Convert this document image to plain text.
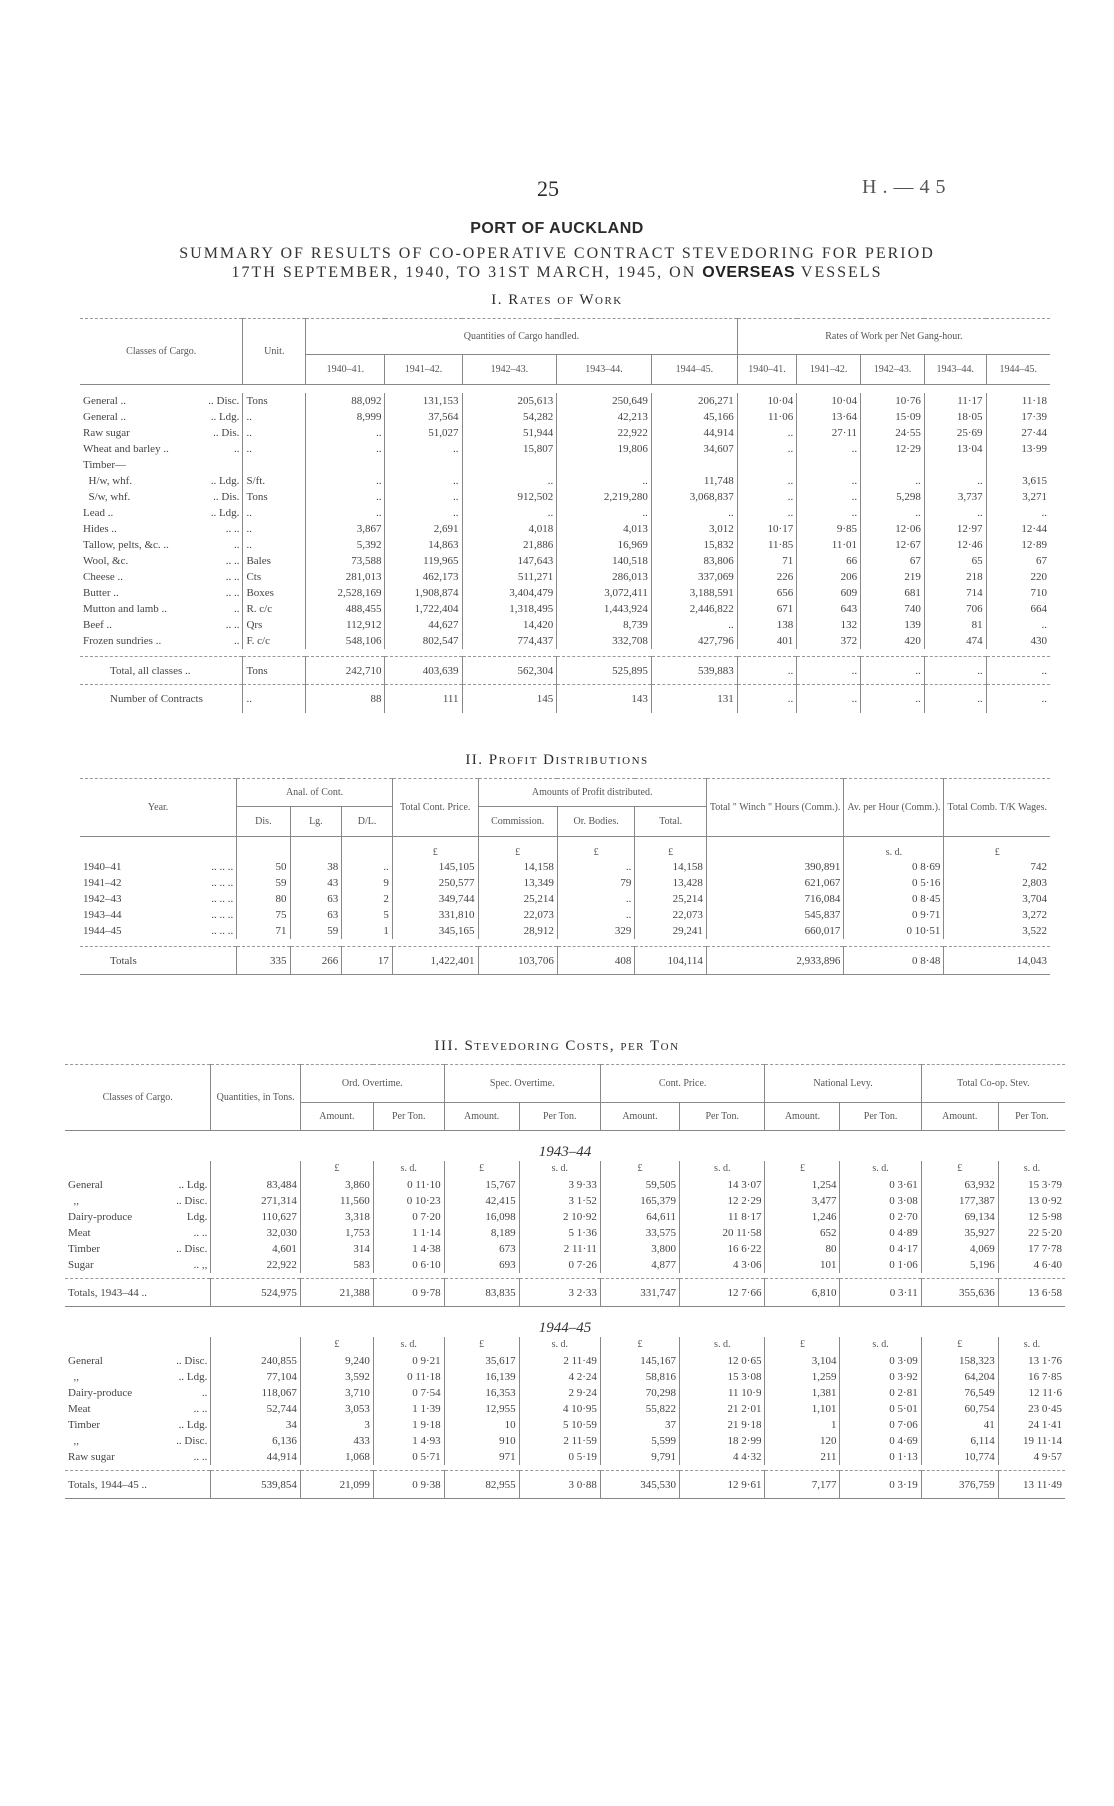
25	H.—45
PORT OF AUCKLAND
SUMMARY OF RESULTS OF CO-OPERATIVE CONTRACT STEVEDORING FOR PERIOD
17TH SEPTEMBER, 1940, TO 31ST MARCH, 1945, ON OVERSEAS VESSELS
I. Rates of Work
Classes of Cargo.	Unit.	Quantities of Cargo handled.					Rates of Work per Net Gang-hour.				
		1940–41.	1941–42.	1942–43.	1943–44.	1944–45.	1940–41.	1941–42.	1942–43.	1943–44.	1944–45.

General .. .. Disc.	Tons	88,092	131,153	205,613	250,649	206,271	10·04	10·04	10·76	11·17	11·18
General .. .. Ldg.	..	8,999	37,564	54,282	42,213	45,166	11·06	13·64	15·09	18·05	17·39
Raw sugar .. Dis.	..	..	51,027	51,944	22,922	44,914	..	27·11	24·55	25·69	27·44
Wheat and barley .. ..	..	..	..	15,807	19,806	34,607	..	..	12·29	13·04	13·99
Timber—

H/w, whf. .. Ldg.	S/ft.	..	..	..	..	11,748	..	..	..	..	3,615
S/w, whf. .. Dis.	Tons	..	..	912,502	2,219,280	3,068,837	..	..	5,298	3,737	3,271
Lead .. .. Ldg.	..	..	..	..	..	..	..	..	..	..	..
Hides .. .. ..	..	3,867	2,691	4,018	4,013	3,012	10·17	9·85	12·06	12·97	12·44
Tallow, pelts, &c. .. ..	..	5,392	14,863	21,886	16,969	15,832	11·85	11·01	12·67	12·46	12·89
Wool, &c. .. ..	Bales	73,588	119,965	147,643	140,518	83,806	71	66	67	65	67
Cheese .. .. ..	Cts	281,013	462,173	511,271	286,013	337,069	226	206	219	218	220
Butter .. .. ..	Boxes	2,528,169	1,908,874	3,404,479	3,072,411	3,188,591	656	609	681	714	710
Mutton and lamb .. ..	R. c/c	488,455	1,722,404	1,318,495	1,443,924	2,446,822	671	643	740	706	664
Beef .. .. ..	Qrs	112,912	44,627	14,420	8,739	..	138	132	139	81	..
Frozen sundries .. ..	F. c/c	548,106	802,547	774,437	332,708	427,796	401	372	420	474	430

Total, all classes ..	Tons	242,710	403,639	562,304	525,895	539,883	..	..	..	..	..
Number of Contracts	..	88	111	145	143	131	..	..	..	..	..
II. Profit Distributions
Year.	Anal. of Cont.			Total Cont. Price.	Amounts of Profit distributed.			Total " Winch " Hours (Comm.).	Av. per Hour (Comm.).	Total Comb. T/K Wages.
	Dis.	Lg.	D/L.		Commission.	Or. Bodies.	Total.			
				£	£	£	£		s. d.	£
1940–41 .. .. ..	50	38	..	145,105	14,158	..	14,158	390,891	0 8·69	742
1941–42 .. .. ..	59	43	9	250,577	13,349	79	13,428	621,067	0 5·16	2,803
1942–43 .. .. ..	80	63	2	349,744	25,214	..	25,214	716,084	0 8·45	3,704
1943–44 .. .. ..	75	63	5	331,810	22,073	..	22,073	545,837	0 9·71	3,272
1944–45 .. .. ..	71	59	1	345,165	28,912	329	29,241	660,017	0 10·51	3,522

Totals	335	266	17	1,422,401	103,706	408	104,114	2,933,896	0 8·48	14,043
III. Stevedoring Costs, per Ton
Classes of Cargo.	Quantities, in Tons.	Ord. Overtime.		Spec. Overtime.		Cont. Price.		National Levy.		Total Co-op. Stev.	
		Amount.	Per Ton.	Amount.	Per Ton.	Amount.	Per Ton.	Amount.	Per Ton.	Amount.	Per Ton.
1943–44											
		£	s. d.	£	s. d.	£	s. d.	£	s. d.	£	s. d.
General .. Ldg.	83,484	3,860	0 11·10	15,767	3 9·33	59,505	14 3·07	1,254	0 3·61	63,932	15 3·79
,, .. Disc.	271,314	11,560	0 10·23	42,415	3 1·52	165,379	12 2·29	3,477	0 3·08	177,387	13 0·92
Dairy-produce Ldg.	110,627	3,318	0 7·20	16,098	2 10·92	64,611	11 8·17	1,246	0 2·70	69,134	12 5·98
Meat .. ..	32,030	1,753	1 1·14	8,189	5 1·36	33,575	20 11·58	652	0 4·89	35,927	22 5·20
Timber .. Disc.	4,601	314	1 4·38	673	2 11·11	3,800	16 6·22	80	0 4·17	4,069	17 7·78
Sugar .. ,,	22,922	583	0 6·10	693	0 7·26	4,877	4 3·06	101	0 1·06	5,196	4 6·40

Totals, 1943–44 ..	524,975	21,388	0 9·78	83,835	3 2·33	331,747	12 7·66	6,810	0 3·11	355,636	13 6·58
1944–45											
		£	s. d.	£	s. d.	£	s. d.	£	s. d.	£	s. d.
General .. Disc.	240,855	9,240	0 9·21	35,617	2 11·49	145,167	12 0·65	3,104	0 3·09	158,323	13 1·76
,, .. Ldg.	77,104	3,592	0 11·18	16,139	4 2·24	58,816	15 3·08	1,259	0 3·92	64,204	16 7·85
Dairy-produce ..	118,067	3,710	0 7·54	16,353	2 9·24	70,298	11 10·9	1,381	0 2·81	76,549	12 11·6
Meat .. ..	52,744	3,053	1 1·39	12,955	4 10·95	55,822	21 2·01	1,101	0 5·01	60,754	23 0·45
Timber .. Ldg.	34	3	1 9·18	10	5 10·59	37	21 9·18	1	0 7·06	41	24 1·41
,, .. Disc.	6,136	433	1 4·93	910	2 11·59	5,599	18 2·99	120	0 4·69	6,114	19 11·14
Raw sugar .. ..	44,914	1,068	0 5·71	971	0 5·19	9,791	4 4·32	211	0 1·13	10,774	4 9·57

Totals, 1944–45 ..	539,854	21,099	0 9·38	82,955	3 0·88	345,530	12 9·61	7,177	0 3·19	376,759	13 11·49
